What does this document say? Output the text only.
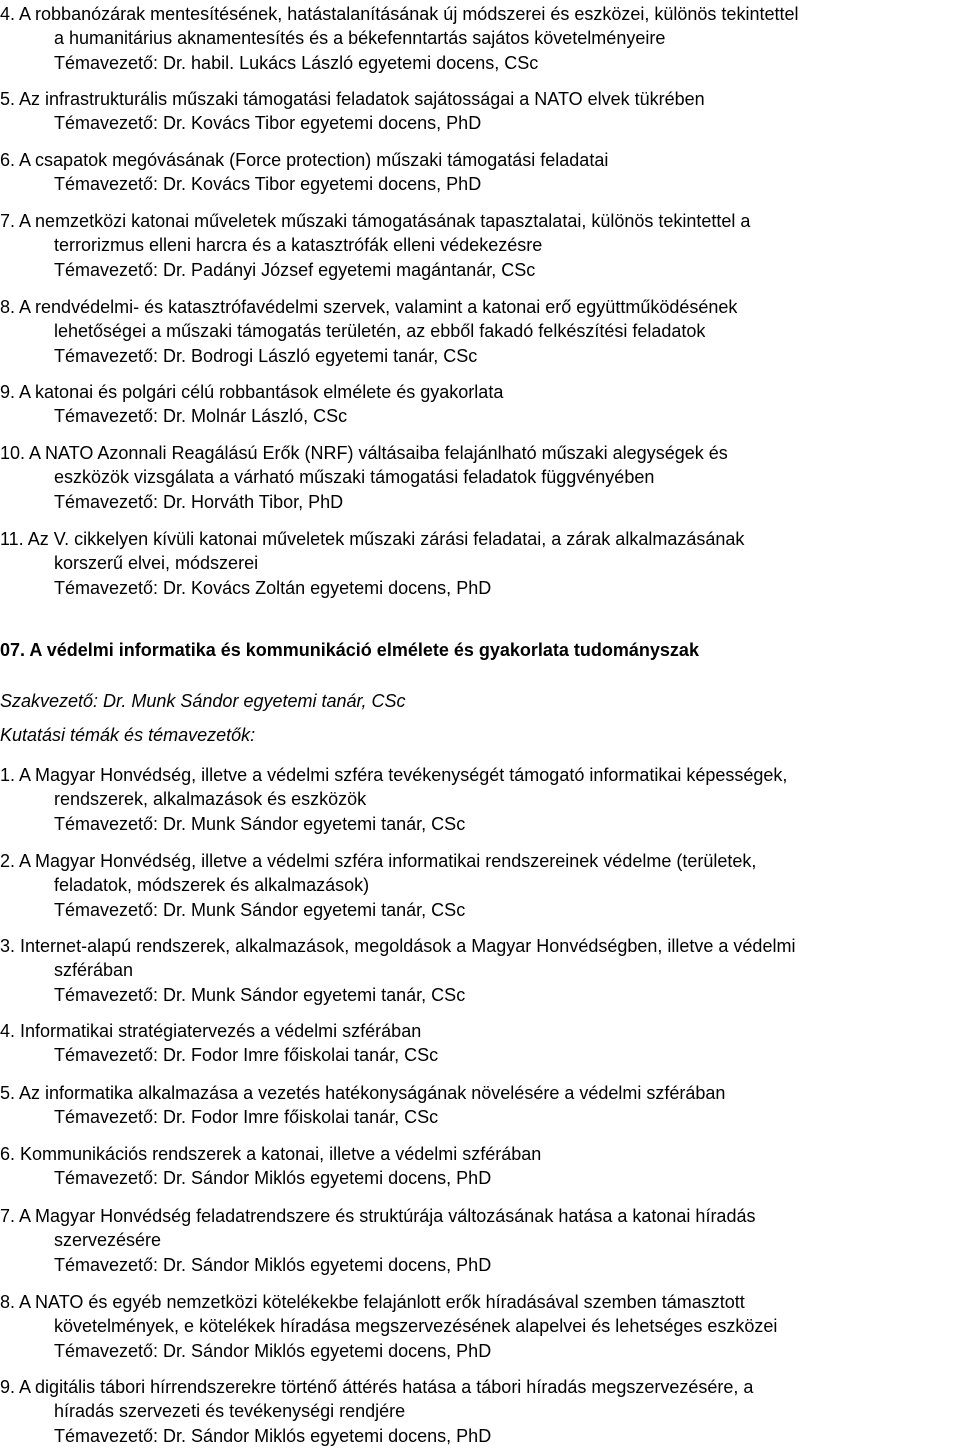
4. A robbanózárak mentesítésének, hatástalanításának új módszerei és eszközei, különös tekintettel
a humanitárius aknamentesítés és a békefenntartás sajátos követelményeire
Témavezető: Dr. habil. Lukács László egyetemi docens, CSc
5. Az infrastrukturális műszaki támogatási feladatok sajátosságai a NATO elvek tükrében
Témavezető: Dr. Kovács Tibor egyetemi docens, PhD
6. A csapatok megóvásának (Force protection) műszaki támogatási feladatai
Témavezető: Dr. Kovács Tibor egyetemi docens, PhD
7. A nemzetközi katonai műveletek műszaki támogatásának tapasztalatai, különös tekintettel a
terrorizmus elleni harcra és a katasztrófák elleni védekezésre
Témavezető: Dr. Padányi József egyetemi magántanár, CSc
8. A rendvédelmi- és katasztrófavédelmi szervek, valamint a katonai erő együttműködésének
lehetőségei a műszaki támogatás területén, az ebből fakadó felkészítési feladatok
Témavezető: Dr. Bodrogi László egyetemi tanár, CSc
9. A katonai és polgári célú robbantások elmélete és gyakorlata
Témavezető: Dr. Molnár László, CSc
10. A NATO Azonnali Reagálású Erők (NRF) váltásaiba felajánlható műszaki alegységek és
eszközök vizsgálata a várható műszaki támogatási feladatok függvényében
Témavezető: Dr. Horváth Tibor, PhD
11. Az V. cikkelyen kívüli katonai műveletek műszaki zárási feladatai, a zárak alkalmazásának
korszerű elvei, módszerei
Témavezető: Dr. Kovács Zoltán egyetemi docens, PhD
07. A védelmi informatika és kommunikáció elmélete és gyakorlata tudományszak
Szakvezető: Dr. Munk Sándor egyetemi tanár, CSc
Kutatási témák és témavezetők:
1. A Magyar Honvédség, illetve a védelmi szféra tevékenységét támogató informatikai képességek,
rendszerek, alkalmazások és eszközök
Témavezető: Dr. Munk Sándor egyetemi tanár, CSc
2. A Magyar Honvédség, illetve a védelmi szféra informatikai rendszereinek védelme (területek,
feladatok, módszerek és alkalmazások)
Témavezető: Dr. Munk Sándor egyetemi tanár, CSc
3. Internet-alapú rendszerek, alkalmazások, megoldások a Magyar Honvédségben, illetve a védelmi
szférában
Témavezető: Dr. Munk Sándor egyetemi tanár, CSc
4. Informatikai stratégiatervezés a védelmi szférában
Témavezető: Dr. Fodor Imre főiskolai tanár, CSc
5. Az informatika alkalmazása a vezetés hatékonyságának növelésére a védelmi szférában
Témavezető: Dr. Fodor Imre főiskolai tanár, CSc
6. Kommunikációs rendszerek a katonai, illetve a védelmi szférában
Témavezető: Dr. Sándor Miklós egyetemi docens, PhD
7. A Magyar Honvédség feladatrendszere és struktúrája változásának hatása a katonai híradás
szervezésére
Témavezető: Dr. Sándor Miklós egyetemi docens, PhD
8. A NATO és egyéb nemzetközi kötelékekbe felajánlott erők híradásával szemben támasztott
követelmények, e kötelékek híradása megszervezésének alapelvei és lehetséges eszközei
Témavezető: Dr. Sándor Miklós egyetemi docens, PhD
9. A digitális tábori hírrendszerekre történő áttérés hatása a tábori híradás megszervezésére, a
híradás szervezeti és tevékenységi rendjére
Témavezető: Dr. Sándor Miklós egyetemi docens, PhD
